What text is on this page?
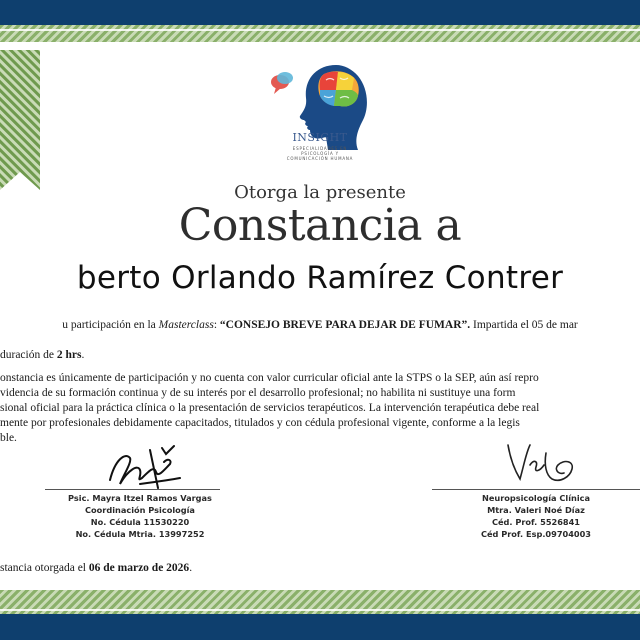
INSIGHT
ESPECIALIDADES EN
PSICOLOGÍA Y
COMUNICACIÓN HUMANA
Otorga la presente
Constancia a
berto Orlando Ramírez Contrer
u participación en la Masterclass: “CONSEJO BREVE PARA DEJAR DE FUMAR”. Impartida el 05 de mar
duración de 2 hrs.
onstancia es únicamente de participación y no cuenta con valor curricular oficial ante la STPS o la SEP, aún así repro
videncia de su formación continua y de su interés por el desarrollo profesional; no habilita ni sustituye una form
sional oficial para la práctica clínica o la presentación de servicios terapéuticos. La intervención terapéutica debe real
mente por profesionales debidamente capacitados, titulados y con cédula profesional vigente, conforme a la legis
ble.
Psic. Mayra Itzel Ramos Vargas
Coordinación Psicología
No. Cédula 11530220
No. Cédula Mtria. 13997252
Neuropsicología Clínica
Mtra. Valeri Noé Díaz
Céd. Prof. 5526841
Céd Prof. Esp.09704003
stancia otorgada el 06 de marzo de 2026.
